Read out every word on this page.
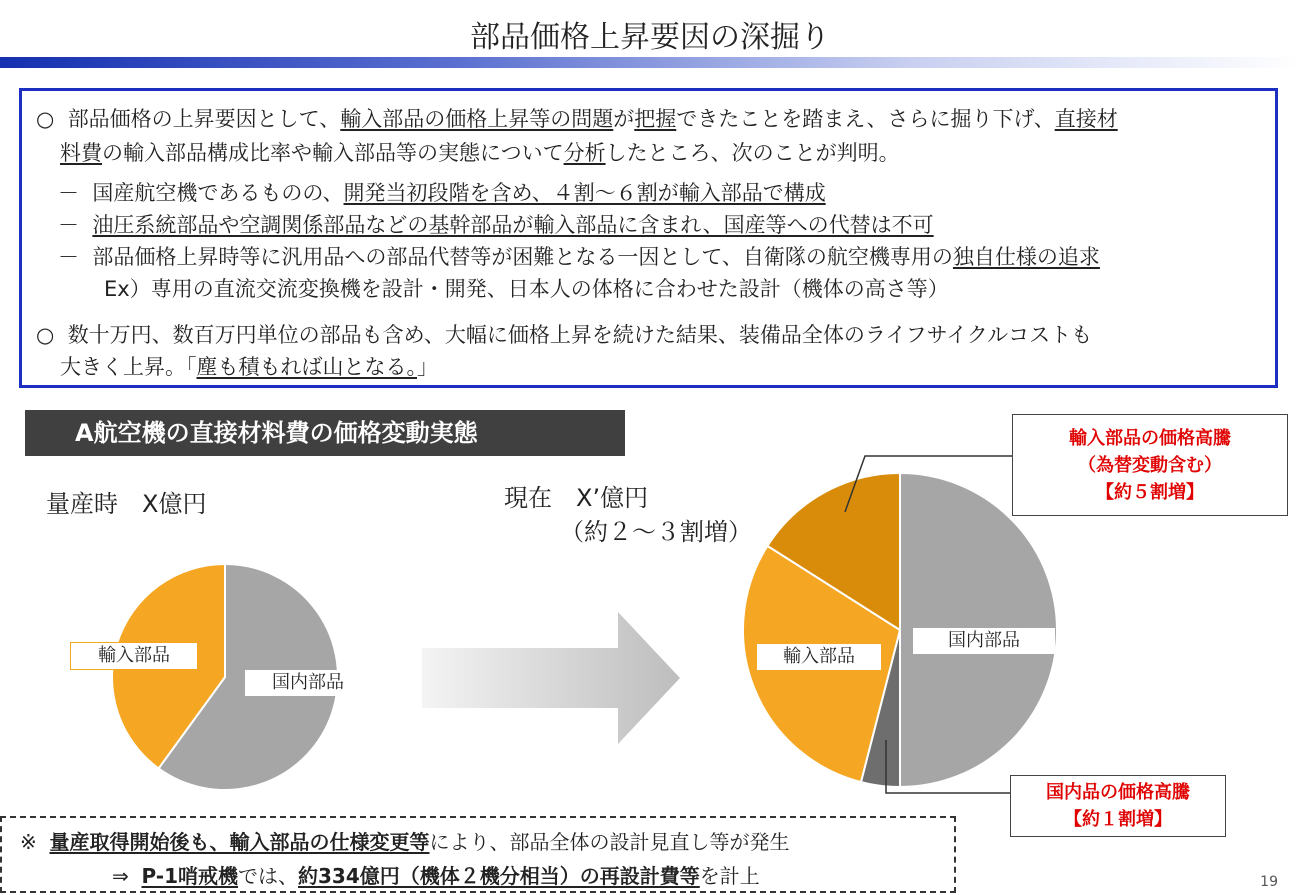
部品価格上昇要因の深掘り
○ 部品価格の上昇要因として、輸入部品の価格上昇等の問題が把握できたことを踏まえ、さらに掘り下げ、直接材
料費の輸入部品構成比率や輸入部品等の実態について分析したところ、次のことが判明。
－ 国産航空機であるものの、開発当初段階を含め、４割～６割が輸入部品で構成
－ 油圧系統部品や空調関係部品などの基幹部品が輸入部品に含まれ、国産等への代替は不可
－ 部品価格上昇時等に汎用品への部品代替等が困難となる一因として、自衛隊の航空機専用の独自仕様の追求
Ex）専用の直流交流変換機を設計・開発、日本人の体格に合わせた設計（機体の高さ等）
○ 数十万円、数百万円単位の部品も含め、大幅に価格上昇を続けた結果、装備品全体のライフサイクルコストも
大きく上昇。「塵も積もれば山となる。」
A航空機の直接材料費の価格変動実態
量産時　X億円	現在　X’億円
（約２～３割増）
輸入部品
国内部品
国内部品
輸入部品
輸入部品の価格高騰
（為替変動含む）
【約５割増】
国内品の価格高騰
【約１割増】
※ 量産取得開始後も、輸入部品の仕様変更等により、部品全体の設計見直し等が発生
⇒ P-1哨戒機では、約334億円（機体２機分相当）の再設計費等を計上	19
